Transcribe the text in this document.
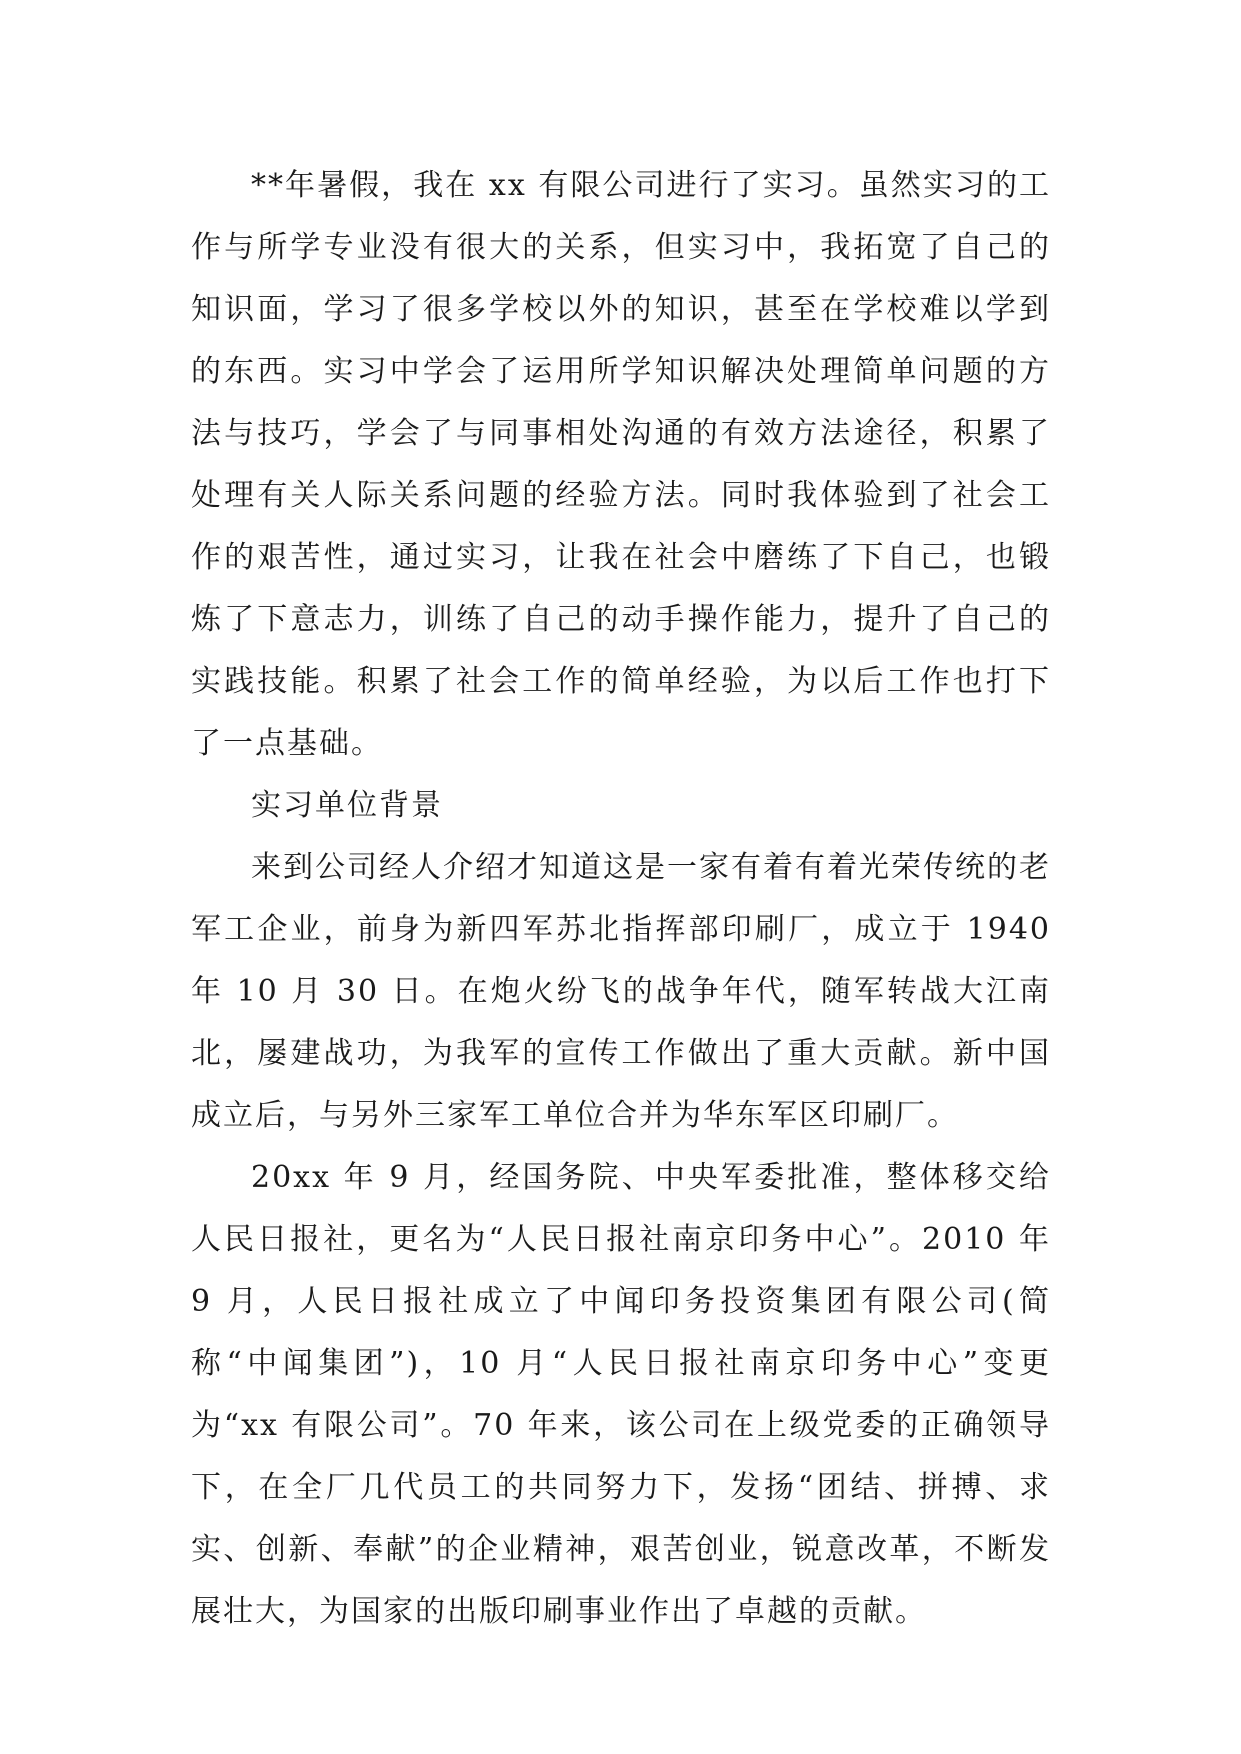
**年暑假，我在 xx 有限公司进行了实习。虽然实习的工作与所学专业没有很大的关系，但实习中，我拓宽了自己的知识面，学习了很多学校以外的知识，甚至在学校难以学到的东西。实习中学会了运用所学知识解决处理简单问题的方法与技巧，学会了与同事相处沟通的有效方法途径，积累了处理有关人际关系问题的经验方法。同时我体验到了社会工作的艰苦性，通过实习，让我在社会中磨练了下自己，也锻炼了下意志力，训练了自己的动手操作能力，提升了自己的实践技能。积累了社会工作的简单经验，为以后工作也打下了一点基础。

实习单位背景

来到公司经人介绍才知道这是一家有着有着光荣传统的老军工企业，前身为新四军苏北指挥部印刷厂，成立于 1940 年 10 月 30 日。在炮火纷飞的战争年代，随军转战大江南北，屡建战功，为我军的宣传工作做出了重大贡献。新中国成立后，与另外三家军工单位合并为华东军区印刷厂。

20xx 年 9 月，经国务院、中央军委批准，整体移交给人民日报社，更名为“人民日报社南京印务中心”。2010 年 9 月，人民日报社成立了中闻印务投资集团有限公司(简称“中闻集团”)，10 月“人民日报社南京印务中心”变更为“xx 有限公司”。70 年来，该公司在上级党委的正确领导下，在全厂几代员工的共同努力下，发扬“团结、拼搏、求实、创新、奉献”的企业精神，艰苦创业，锐意改革，不断发展壮大，为国家的出版印刷事业作出了卓越的贡献。
